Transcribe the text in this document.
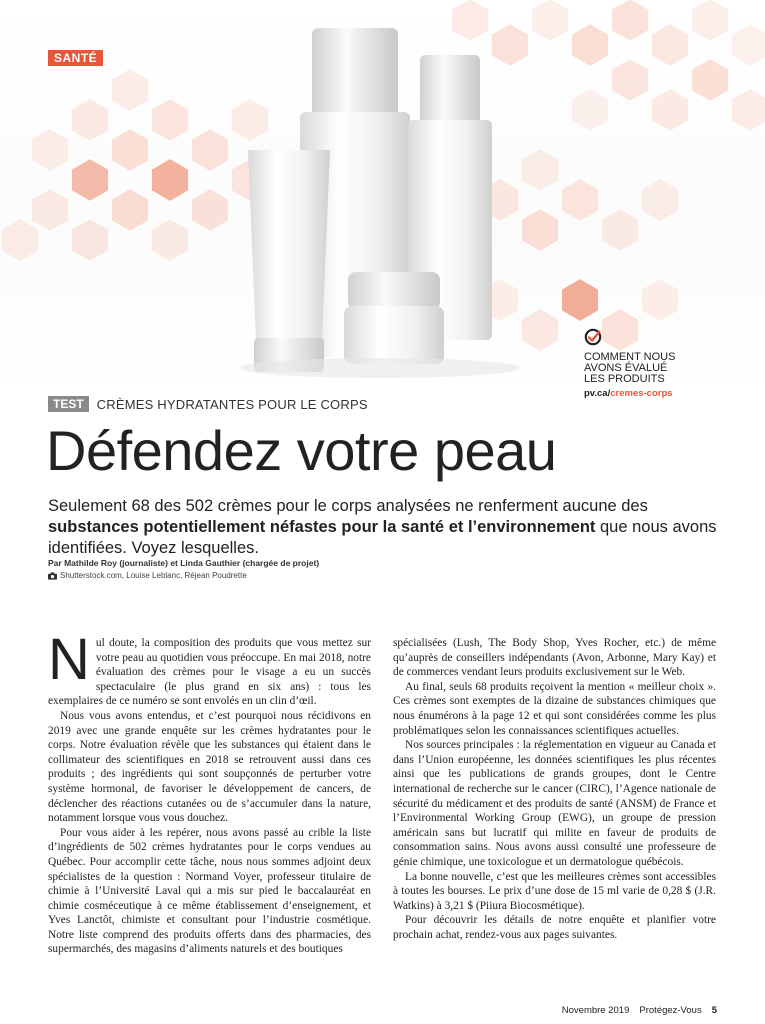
SANTÉ
COMMENT NOUS
AVONS ÉVALUÉ
LES PRODUITS
pv.ca/cremes-corps
TEST	CRÈMES HYDRATANTES POUR LE CORPS
Défendez votre peau

Seulement 68 des 502 crèmes pour le corps analysées ne renferment aucune des substances potentiellement néfastes pour la santé et l’environnement que nous avons identifiées. Voyez lesquelles.

Par Mathilde Roy (journaliste) et Linda Gauthier (chargée de projet)
Shutterstock.com, Louise Leblanc, Réjean Poudrette

Nul doute, la composition des produits que vous mettez sur votre peau au quotidien vous préoccupe. En mai 2018, notre évaluation des crèmes pour le visage a eu un succès spectaculaire (le plus grand en six ans) : tous les exemplaires de ce numéro se sont envolés en un clin d’œil.

Nous vous avons entendus, et c’est pourquoi nous récidivons en 2019 avec une grande enquête sur les crèmes hydratantes pour le corps. Notre évaluation révèle que les substances qui étaient dans le collimateur des scientifiques en 2018 se retrouvent aussi dans ces produits ; des ingrédients qui sont soupçonnés de perturber votre système hormonal, de favoriser le développement de cancers, de déclencher des réactions cutanées ou de s’accumuler dans la nature, notamment lorsque vous vous douchez.

Pour vous aider à les repérer, nous avons passé au crible la liste d’ingrédients de 502 crèmes hydratantes pour le corps vendues au Québec. Pour accomplir cette tâche, nous nous sommes adjoint deux spécialistes de la question : Normand Voyer, professeur titulaire de chimie à l’Université Laval qui a mis sur pied le baccalauréat en chimie cosméceutique à ce même établissement d’enseignement, et Yves Lanctôt, chimiste et consultant pour l’industrie cosmétique. Notre liste comprend des produits offerts dans des pharmacies, des supermarchés, des magasins d’aliments naturels et des boutiques

spécialisées (Lush, The Body Shop, Yves Rocher, etc.) de même qu’auprès de conseillers indépendants (Avon, Arbonne, Mary Kay) et de commerces vendant leurs produits exclusivement sur le Web.

Au final, seuls 68 produits reçoivent la mention « meilleur choix ». Ces crèmes sont exemptes de la dizaine de substances chimiques que nous énumérons à la page 12 et qui sont considérées comme les plus problématiques selon les connaissances scientifiques actuelles.

Nos sources principales : la réglementation en vigueur au Canada et dans l’Union européenne, les données scientifiques les plus récentes ainsi que les publications de grands groupes, dont le Centre international de recherche sur le cancer (CIRC), l’Agence nationale de sécurité du médicament et des produits de santé (ANSM) de France et l’Environmental Working Group (EWG), un groupe de pression américain sans but lucratif qui milite en faveur de produits de consommation sains. Nous avons aussi consulté une professeure de génie chimique, une toxicologue et un dermatologue québécois.

La bonne nouvelle, c’est que les meilleures crèmes sont accessibles à toutes les bourses. Le prix d’une dose de 15 ml varie de 0,28 $ (J.R. Watkins) à 3,21 $ (Piiura Biocosmétique).

Pour découvrir les détails de notre enquête et planifier votre prochain achat, rendez-vous aux pages suivantes.

Novembre 2019 Protégez-Vous 5
